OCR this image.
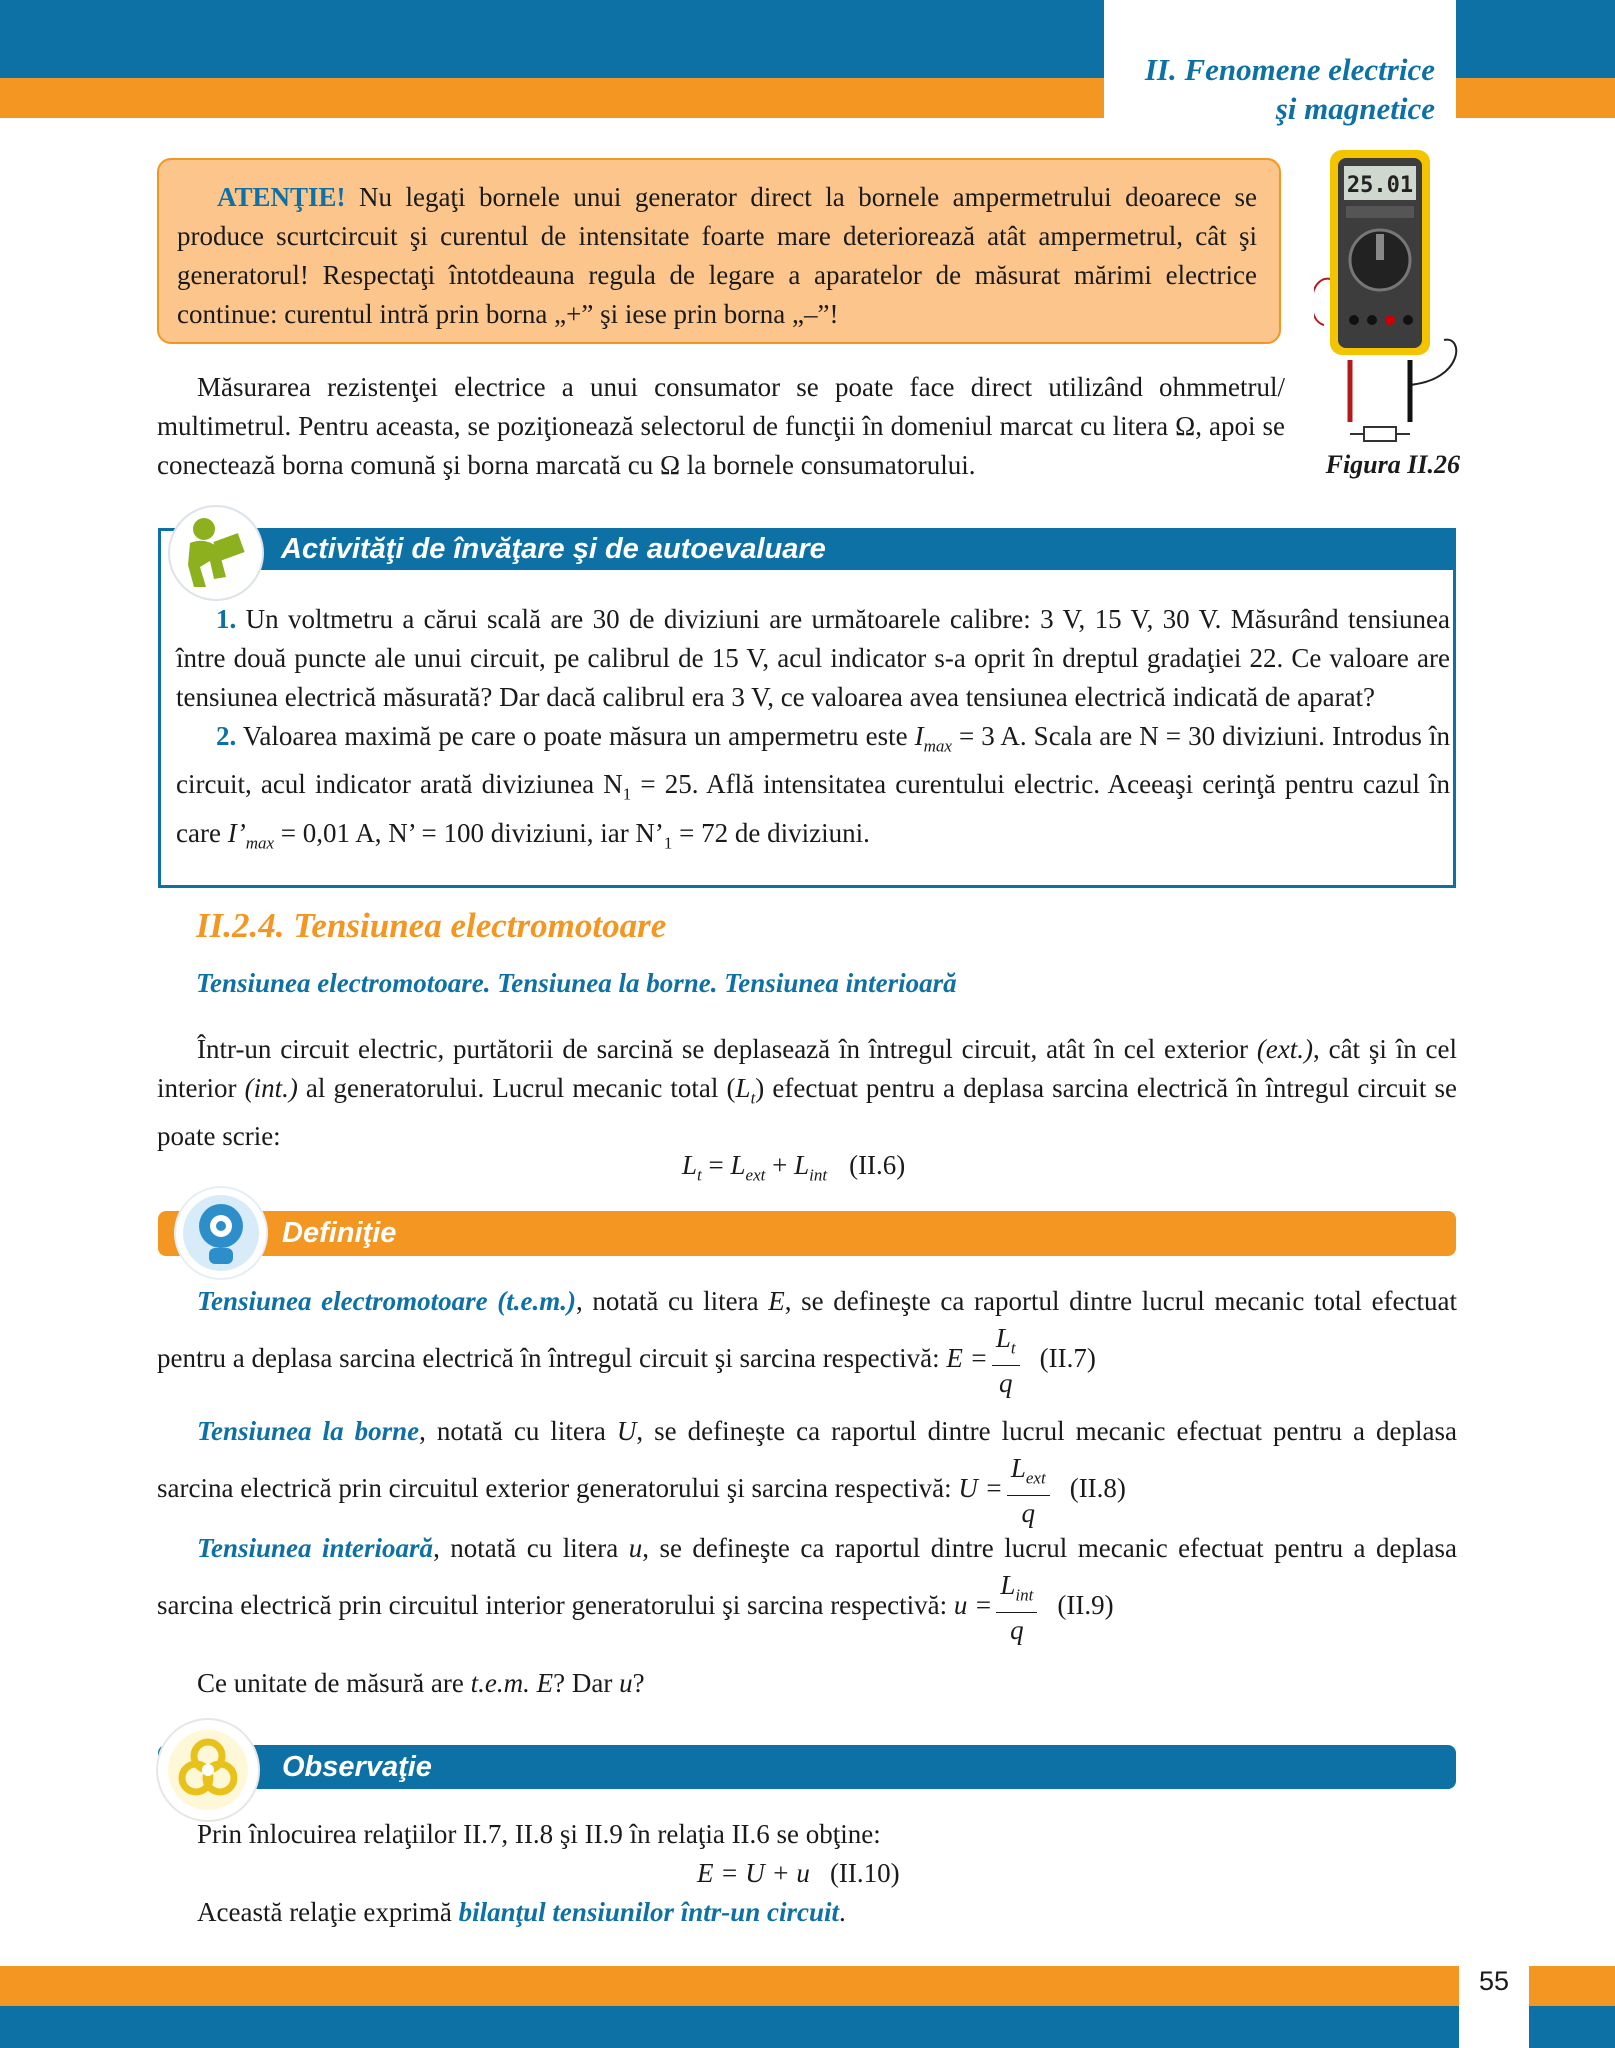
II. Fenomene electrice
şi magnetice

ATENŢIE! Nu legaţi bornele unui generator direct la bornele ampermetrului deoarece se produce scurtcircuit şi curentul de intensitate foarte mare deteriorează atât ampermetrul, cât şi generatorul! Respectaţi întotdeauna regula de legare a aparatelor de măsurat mărimi electrice continue: curentul intră prin borna „+” şi iese prin borna „–”!

25.01
Figura II.26

Măsurarea rezistenţei electrice a unui consumator se poate face direct utilizând ohmmetrul/ multimetrul. Pentru aceasta, se poziţionează selectorul de funcţii în domeniul marcat cu litera Ω, apoi se conectează borna comună şi borna marcată cu Ω la bornele consumatorului.

Activităţi de învăţare şi de autoevaluare

1. Un voltmetru a cărui scală are 30 de diviziuni are următoarele calibre: 3 V, 15 V, 30 V. Măsurând tensiunea între două puncte ale unui circuit, pe calibrul de 15 V, acul indicator s-a oprit în dreptul gradaţiei 22. Ce valoare are tensiunea electrică măsurată? Dar dacă calibrul era 3 V, ce valoarea avea tensiunea electrică indicată de aparat?

2. Valoarea maximă pe care o poate măsura un ampermetru este $I_{max} = 3$ A. Scala are N = 30 diviziuni. Introdus în circuit, acul indicator arată diviziunea $N_1 = 25$. Află intensitatea curentului electric. Aceeaşi cerinţă pentru cazul în care $I’_{max} = 0,01$ A, N’ = 100 diviziuni, iar $N’_1 = 72$ de diviziuni.

II.2.4. Tensiunea electromotoare
Tensiunea electromotoare. Tensiunea la borne. Tensiunea interioară

Într-un circuit electric, purtătorii de sarcină se deplasează în întregul circuit, atât în cel exterior (ext.), cât şi în cel interior (int.) al generatorului. Lucrul mecanic total $(L_t)$ efectuat pentru a deplasa sarcina electrică în întregul circuit se poate scrie:

$L_t = L_{ext} + L_{int}$ (II.6)
Definiţie
Tensiunea electromotoare (t.e.m.), notată cu litera E, se defineşte ca raportul dintre lucrul mecanic total efectuat pentru a deplasa sarcina electrică în întregul circuit şi sarcina respectivă: $E = \frac{L_t}{q} (II.7)$
Tensiunea la borne, notată cu litera U, se defineşte ca raportul dintre lucrul mecanic efectuat pentru a deplasa sarcina electrică prin circuitul exterior generatorului şi sarcina respectivă: $U = \frac{L_{ext}}{q} (II.8)$
Tensiunea interioară, notată cu litera u, se defineşte ca raportul dintre lucrul mecanic efectuat pentru a deplasa sarcina electrică prin circuitul interior generatorului şi sarcina respectivă: $u = \frac{L_{int}}{q} (II.9)$

Ce unitate de măsură are t.e.m. E? Dar u?

Observaţie

Prin înlocuirea relaţiilor II.7, II.8 şi II.9 în relaţia II.6 se obţine:

E = U + u (II.10)

Această relaţie exprimă bilanţul tensiunilor într-un circuit.

55
